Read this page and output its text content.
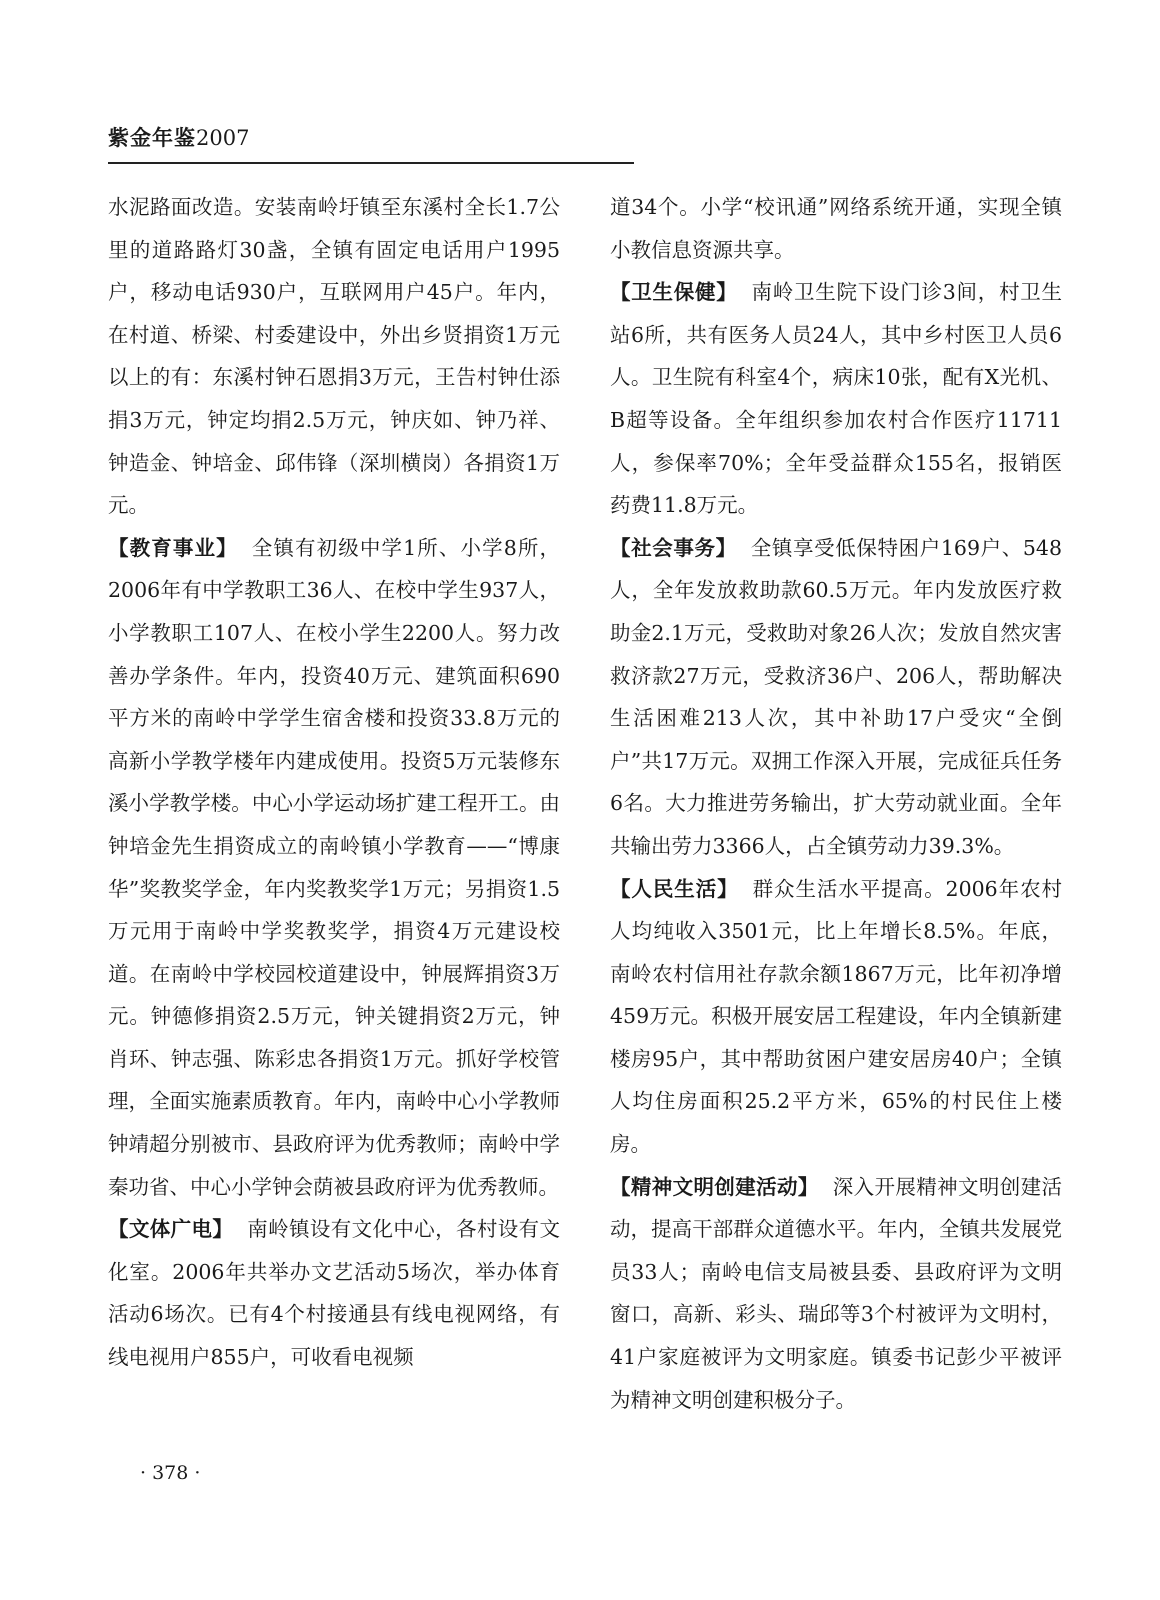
紫金年鉴2007

水泥路面改造。安装南岭圩镇至东溪村全长1.7公里的道路路灯30盏，全镇有固定电话用户1995户，移动电话930户，互联网用户45户。年内，在村道、桥梁、村委建设中，外出乡贤捐资1万元以上的有：东溪村钟石恩捐3万元，王告村钟仕添捐3万元，钟定均捐2.5万元，钟庆如、钟乃祥、钟造金、钟培金、邱伟锋（深圳横岗）各捐资1万元。

【教育事业】 全镇有初级中学1所、小学8所，2006年有中学教职工36人、在校中学生937人，小学教职工107人、在校小学生2200人。努力改善办学条件。年内，投资40万元、建筑面积690平方米的南岭中学学生宿舍楼和投资33.8万元的高新小学教学楼年内建成使用。投资5万元装修东溪小学教学楼。中心小学运动场扩建工程开工。由钟培金先生捐资成立的南岭镇小学教育——“博康华”奖教奖学金，年内奖教奖学1万元；另捐资1.5万元用于南岭中学奖教奖学，捐资4万元建设校道。在南岭中学校园校道建设中，钟展辉捐资3万元。钟德修捐资2.5万元，钟关键捐资2万元，钟肖环、钟志强、陈彩忠各捐资1万元。抓好学校管理，全面实施素质教育。年内，南岭中心小学教师钟靖超分别被市、县政府评为优秀教师；南岭中学秦功省、中心小学钟会荫被县政府评为优秀教师。

【文体广电】 南岭镇设有文化中心，各村设有文化室。2006年共举办文艺活动5场次，举办体育活动6场次。已有4个村接通县有线电视网络，有线电视用户855户，可收看电视频

道34个。小学“校讯通”网络系统开通，实现全镇小教信息资源共享。

【卫生保健】 南岭卫生院下设门诊3间，村卫生站6所，共有医务人员24人，其中乡村医卫人员6人。卫生院有科室4个，病床10张，配有X光机、B超等设备。全年组织参加农村合作医疗11711人，参保率70%；全年受益群众155名，报销医药费11.8万元。

【社会事务】 全镇享受低保特困户169户、548人，全年发放救助款60.5万元。年内发放医疗救助金2.1万元，受救助对象26人次；发放自然灾害救济款27万元，受救济36户、206人，帮助解决生活困难213人次，其中补助17户受灾“全倒户”共17万元。双拥工作深入开展，完成征兵任务6名。大力推进劳务输出，扩大劳动就业面。全年共输出劳力3366人，占全镇劳动力39.3%。

【人民生活】 群众生活水平提高。2006年农村人均纯收入3501元，比上年增长8.5%。年底，南岭农村信用社存款余额1867万元，比年初净增459万元。积极开展安居工程建设，年内全镇新建楼房95户，其中帮助贫困户建安居房40户；全镇人均住房面积25.2平方米，65%的村民住上楼房。

【精神文明创建活动】 深入开展精神文明创建活动，提高干部群众道德水平。年内，全镇共发展党员33人；南岭电信支局被县委、县政府评为文明窗口，高新、彩头、瑞邱等3个村被评为文明村，41户家庭被评为文明家庭。镇委书记彭少平被评为精神文明创建积极分子。

· 378 ·
